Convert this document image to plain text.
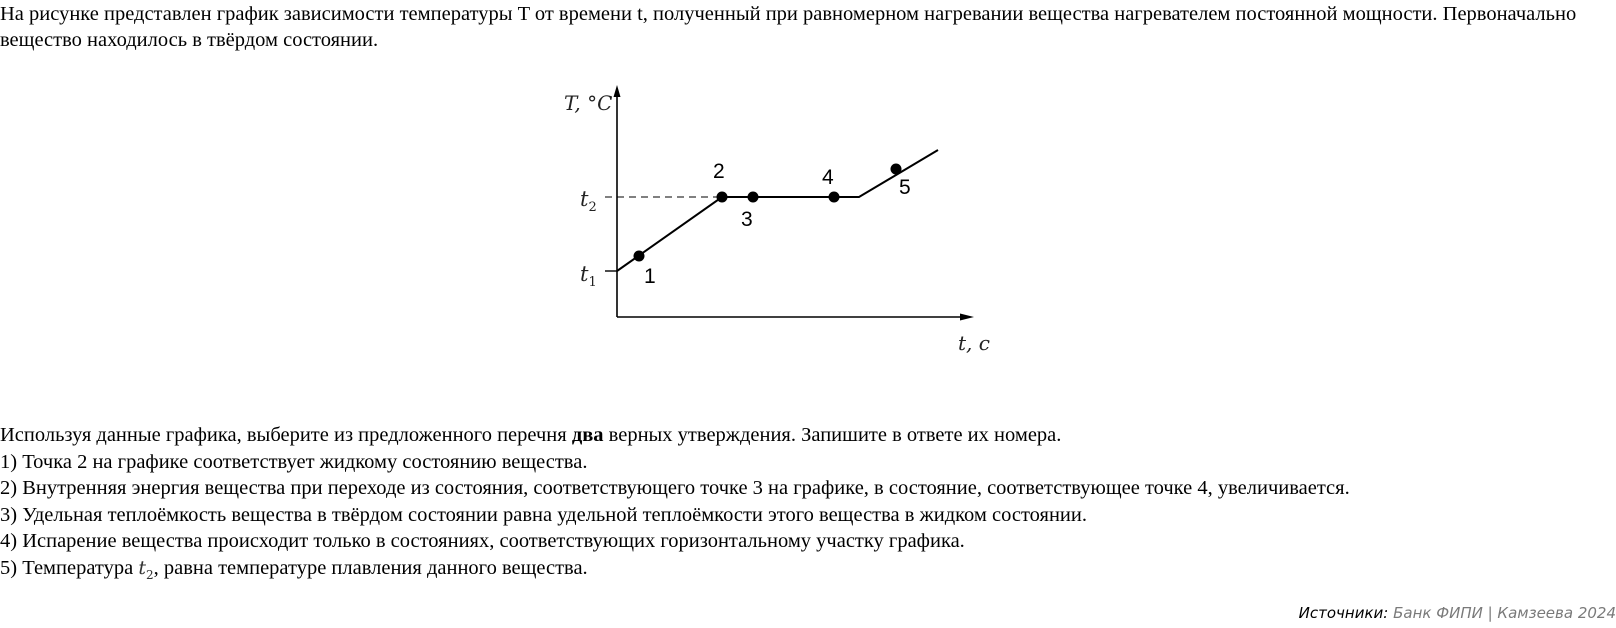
На рисунке представлен график зависимости температуры T от времени t, полученный при равномерном нагревании вещества нагревателем постоянной мощности. Первоначально вещество находилось в твёрдом состоянии.

1
2
3
4	5
T, °C
t, c
$t_2$
$t_1$

Используя данные графика, выберите из предложенного перечня два верных утверждения. Запишите в ответе их номера.

1) Точка 2 на графике соответствует жидкому состоянию вещества.

2) Внутренняя энергия вещества при переходе из состояния, соответствующего точке 3 на графике, в состояние, соответствующее точке 4, увеличивается.

3) Удельная теплоёмкость вещества в твёрдом состоянии равна удельной теплоёмкости этого вещества в жидком состоянии.

4) Испарение вещества происходит только в состояниях, соответствующих горизонтальному участку графика.

5) Температура $t_2$, равна температуре плавления данного вещества.

Источники: Банк ФИПИ | Камзеева 2024
